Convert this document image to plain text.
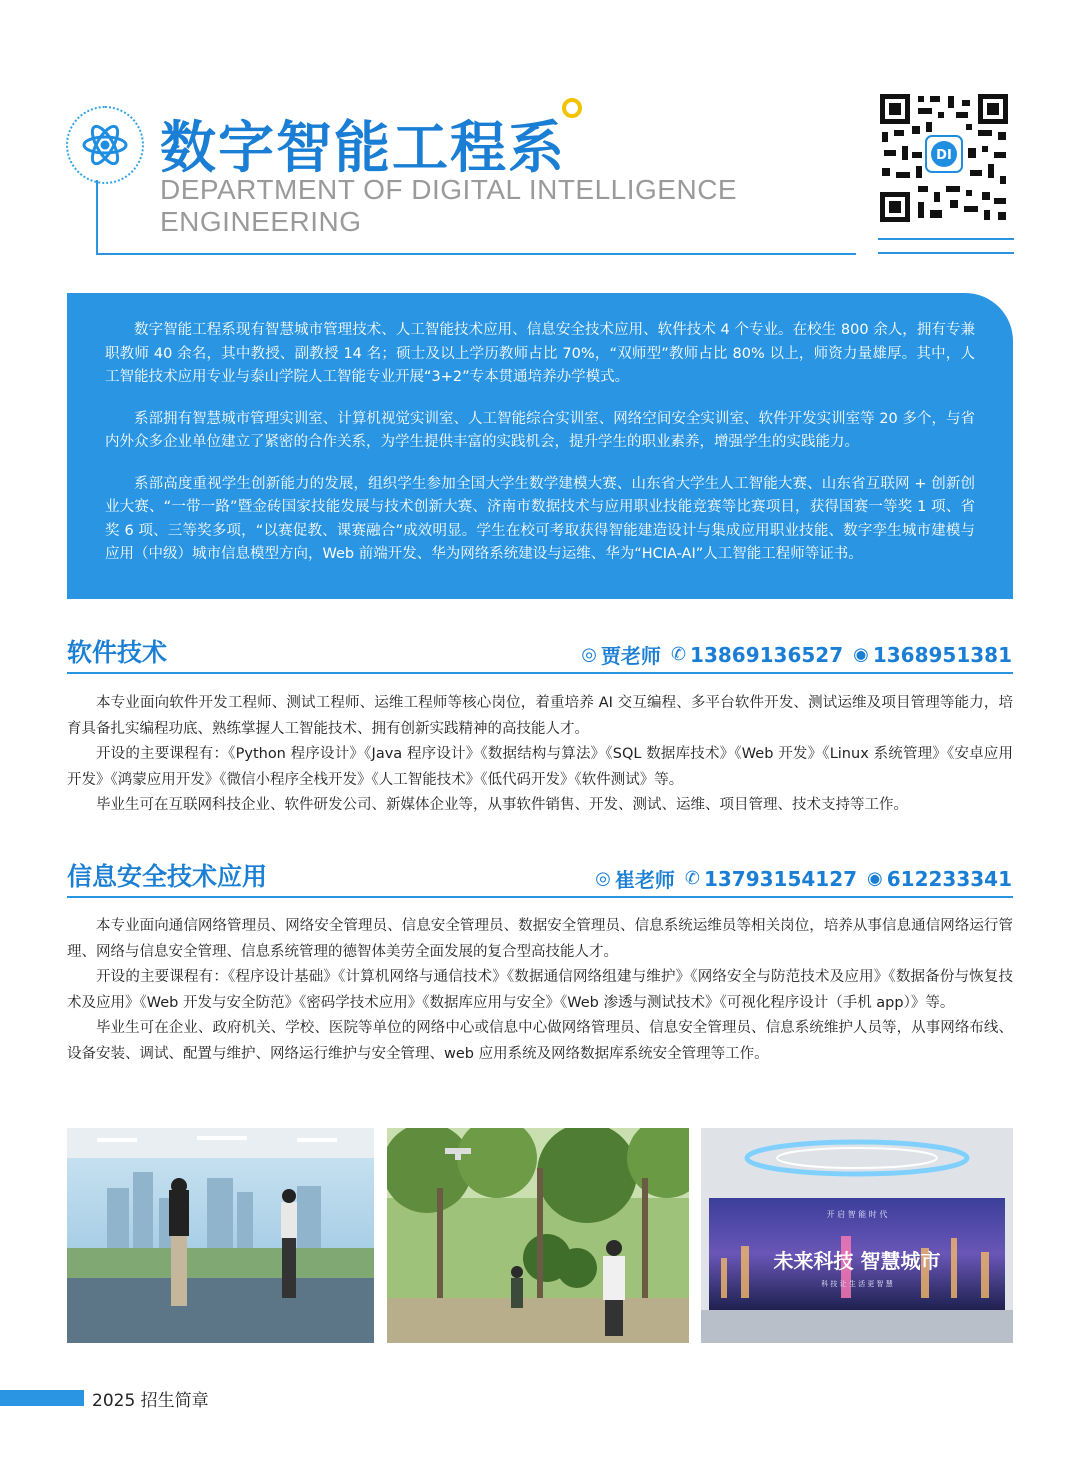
数字智能工程系
DEPARTMENT OF DIGITAL INTELLIGENCE ENGINEERING
DI

数字智能工程系现有智慧城市管理技术、人工智能技术应用、信息安全技术应用、软件技术 4 个专业。在校生 800 余人，拥有专兼职教师 40 余名，其中教授、副教授 14 名；硕士及以上学历教师占比 70%，“双师型”教师占比 80% 以上，师资力量雄厚。其中，人工智能技术应用专业与泰山学院人工智能专业开展“3+2”专本贯通培养办学模式。

系部拥有智慧城市管理实训室、计算机视觉实训室、人工智能综合实训室、网络空间安全实训室、软件开发实训室等 20 多个，与省内外众多企业单位建立了紧密的合作关系，为学生提供丰富的实践机会，提升学生的职业素养，增强学生的实践能力。

系部高度重视学生创新能力的发展，组织学生参加全国大学生数学建模大赛、山东省大学生人工智能大赛、山东省互联网 + 创新创业大赛、“一带一路”暨金砖国家技能发展与技术创新大赛、济南市数据技术与应用职业技能竞赛等比赛项目，获得国赛一等奖 1 项、省奖 6 项、三等奖多项，“以赛促教、课赛融合”成效明显。学生在校可考取获得智能建造设计与集成应用职业技能、数字孪生城市建模与应用（中级）城市信息模型方向，Web 前端开发、华为网络系统建设与运维、华为“HCIA-AI”人工智能工程师等证书。

软件技术	◎ 贾老师 ✆ 13869136527 ◉ 1368951381

本专业面向软件开发工程师、测试工程师、运维工程师等核心岗位，着重培养 AI 交互编程、多平台软件开发、测试运维及项目管理等能力，培育具备扎实编程功底、熟练掌握人工智能技术、拥有创新实践精神的高技能人才。

开设的主要课程有：《Python 程序设计》《Java 程序设计》《数据结构与算法》《SQL 数据库技术》《Web 开发》《Linux 系统管理》《安卓应用开发》《鸿蒙应用开发》《微信小程序全栈开发》《人工智能技术》《低代码开发》《软件测试》等。

毕业生可在互联网科技企业、软件研发公司、新媒体企业等，从事软件销售、开发、测试、运维、项目管理、技术支持等工作。

信息安全技术应用	◎ 崔老师 ✆ 13793154127 ◉ 612233341

本专业面向通信网络管理员、网络安全管理员、信息安全管理员、数据安全管理员、信息系统运维员等相关岗位，培养从事信息通信网络运行管理、网络与信息安全管理、信息系统管理的德智体美劳全面发展的复合型高技能人才。

开设的主要课程有：《程序设计基础》《计算机网络与通信技术》《数据通信网络组建与维护》《网络安全与防范技术及应用》《数据备份与恢复技术及应用》《Web 开发与安全防范》《密码学技术应用》《数据库应用与安全》《Web 渗透与测试技术》《可视化程序设计（手机 app）》等。

毕业生可在企业、政府机关、学校、医院等单位的网络中心或信息中心做网络管理员、信息安全管理员、信息系统维护人员等，从事网络布线、设备安装、调试、配置与维护、网络运行维护与安全管理、web 应用系统及网络数据库系统安全管理等工作。

开 启 智 能 时 代
未来科技 智慧城市
科 技 让 生 活 更 智 慧
2025 招生简章
